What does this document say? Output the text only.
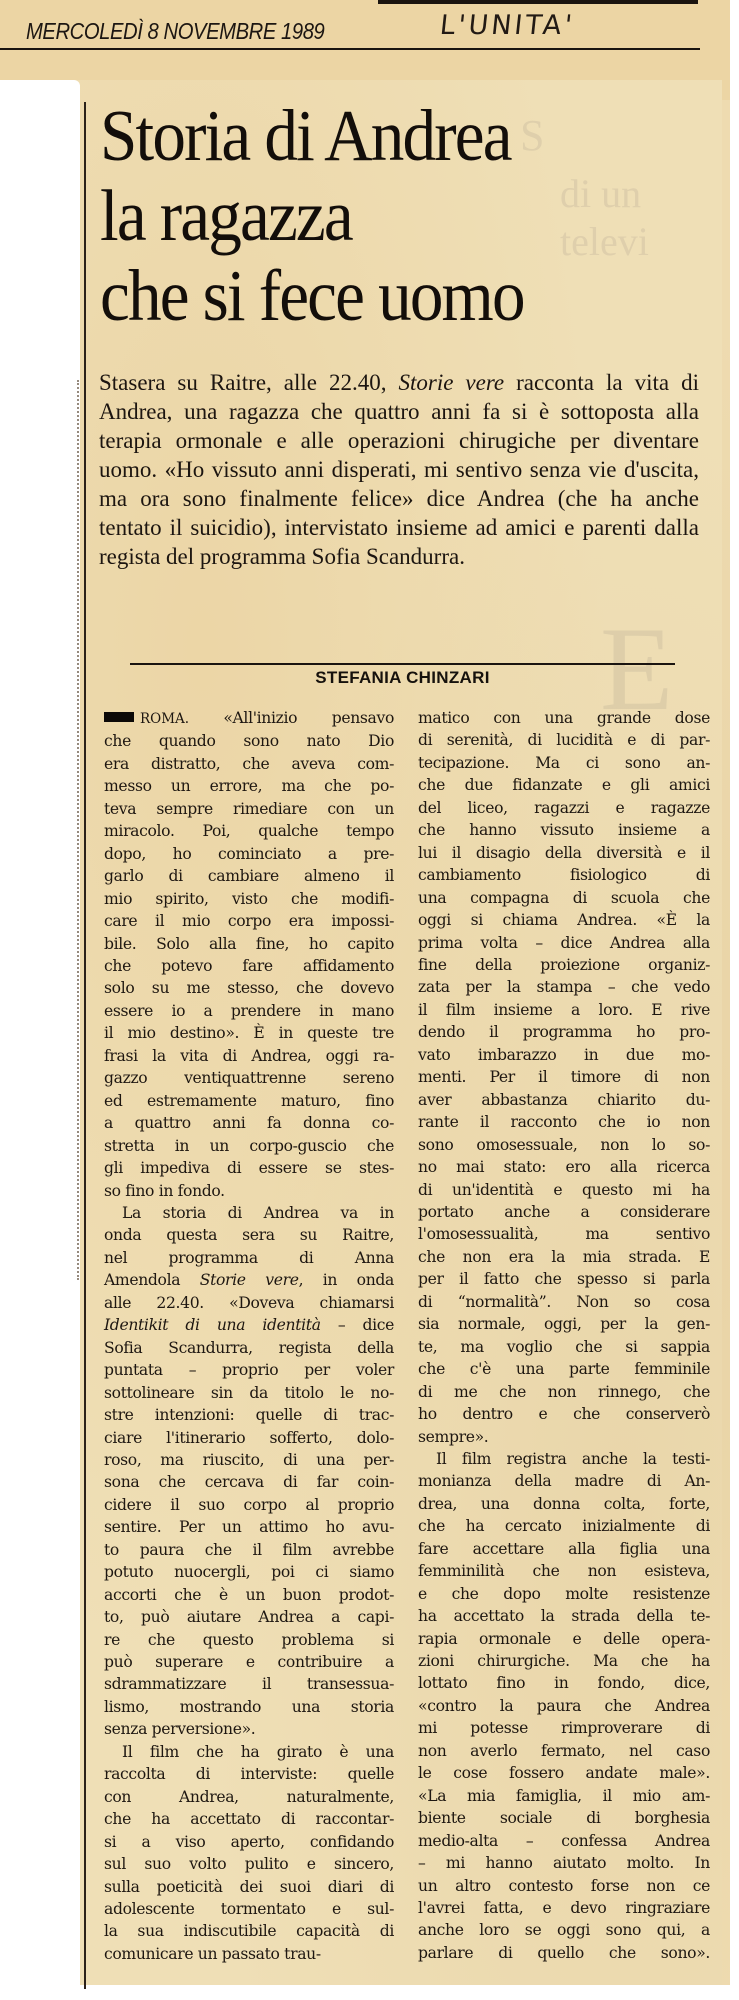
MERCOLEDÌ 8 NOVEMBRE 1989	L'UNITA'
Storia di Andrea
la ragazza
che si fece uomo

Stasera su Raitre, alle 22.40, Storie vere racconta la vita di Andrea, una ragazza che quattro anni fa si è sottoposta alla terapia ormonale e alle operazioni chirugiche per diventare uomo. «Ho vissuto anni disperati, mi sentivo senza vie d'uscita, ma ora sono finalmente felice» dice Andrea (che ha anche tentato il suicidio), intervistato insieme ad amici e parenti dalla regista del programma Sofia Scandurra.

STEFANIA CHINZARI
ROMA. «All'inizio pensavo
che quando sono nato Dio
era distratto, che aveva com-
messo un errore, ma che po-
teva sempre rimediare con un
miracolo. Poi, qualche tempo
dopo, ho cominciato a pre-
garlo di cambiare almeno il
mio spirito, visto che modifi-
care il mio corpo era impossi-
bile. Solo alla fine, ho capito
che potevo fare affidamento
solo su me stesso, che dovevo
essere io a prendere in mano
il mio destino». È in queste tre
frasi la vita di Andrea, oggi ra-
gazzo ventiquattrenne sereno
ed estremamente maturo, fino
a quattro anni fa donna co-
stretta in un corpo-guscio che
gli impediva di essere se stes-
so fino in fondo.
La storia di Andrea va in
onda questa sera su Raitre,
nel programma di Anna
Amendola Storie vere, in onda
alle 22.40. «Doveva chiamarsi
Identikit di una identità – dice
Sofia Scandurra, regista della
puntata – proprio per voler
sottolineare sin da titolo le no-
stre intenzioni: quelle di trac-
ciare l'itinerario sofferto, dolo-
roso, ma riuscito, di una per-
sona che cercava di far coin-
cidere il suo corpo al proprio
sentire. Per un attimo ho avu-
to paura che il film avrebbe
potuto nuocergli, poi ci siamo
accorti che è un buon prodot-
to, può aiutare Andrea a capi-
re che questo problema si
può superare e contribuire a
sdrammatizzare il transessua-
lismo, mostrando una storia
senza perversione».
Il film che ha girato è una
raccolta di interviste: quelle
con Andrea, naturalmente,
che ha accettato di raccontar-
si a viso aperto, confidando
sul suo volto pulito e sincero,
sulla poeticità dei suoi diari di
adolescente tormentato e sul-
la sua indiscutibile capacità di
comunicare un passato trau-
matico con una grande dose
di serenità, di lucidità e di par-
tecipazione. Ma ci sono an-
che due fidanzate e gli amici
del liceo, ragazzi e ragazze
che hanno vissuto insieme a
lui il disagio della diversità e il
cambiamento fisiologico di
una compagna di scuola che
oggi si chiama Andrea. «È la
prima volta – dice Andrea alla
fine della proiezione organiz-
zata per la stampa – che vedo
il film insieme a loro. E rive
dendo il programma ho pro-
vato imbarazzo in due mo-
menti. Per il timore di non
aver abbastanza chiarito du-
rante il racconto che io non
sono omosessuale, non lo so-
no mai stato: ero alla ricerca
di un'identità e questo mi ha
portato anche a considerare
l'omosessualità, ma sentivo
che non era la mia strada. E
per il fatto che spesso si parla
di “normalità”. Non so cosa
sia normale, oggi, per la gen-
te, ma voglio che si sappia
che c'è una parte femminile
di me che non rinnego, che
ho dentro e che conserverò
sempre».
Il film registra anche la testi-
monianza della madre di An-
drea, una donna colta, forte,
che ha cercato inizialmente di
fare accettare alla figlia una
femminilità che non esisteva,
e che dopo molte resistenze
ha accettato la strada della te-
rapia ormonale e delle opera-
zioni chirurgiche. Ma che ha
lottato fino in fondo, dice,
«contro la paura che Andrea
mi potesse rimproverare di
non averlo fermato, nel caso
le cose fossero andate male».
«La mia famiglia, il mio am-
biente sociale di borghesia
medio-alta – confessa Andrea
– mi hanno aiutato molto. In
un altro contesto forse non ce
l'avrei fatta, e devo ringraziare
anche loro se oggi sono qui, a
parlare di quello che sono».
